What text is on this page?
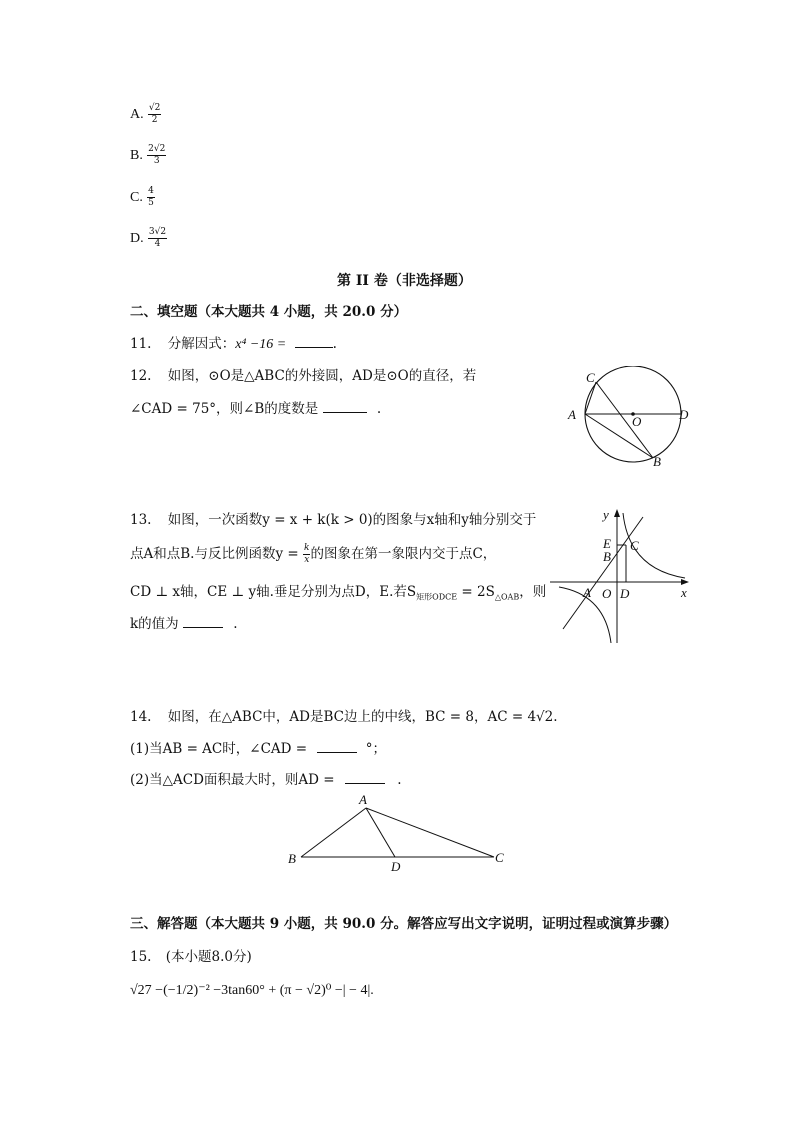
A. $\frac{√2}{2}$
B. $\frac{2√2}{3}$
C. $\frac{4}{5}$
D. $\frac{3√2}{4}$
第 II 卷（非选择题）
二、填空题（本大题共 4 小题，共 20.0 分）
11. 分解因式：x⁴ −16 =	.
12. 如图，⊙O是△ABC的外接圆，AD是⊙O的直径，若
∠CAD = 75°，则∠B的度数是	.	A
C
O	D
B
13. 如图，一次函数y = x + k(k > 0)的图象与x轴和y轴分别交于
点A和点B.与反比例函数$y = \frac{k}{x}$ 的图象在第一象限内交于点C，
CD ⊥ x轴，CE ⊥ y轴.垂足分别为点D，E.若$S_{矩形ODCE} = 2S_{\triangle OAB}$，则
k的值为	.
y
x
E
B
C
A O D
14. 如图，在△ABC中，AD是BC边上的中线，BC = 8，AC = 4√2.
(1)当AB = AC时，∠CAD =	°；
(2)当△ACD面积最大时，则AD =	.
A
B
D
C
三、解答题（本大题共 9 小题，共 90.0 分。解答应写出文字说明，证明过程或演算步骤）
15. (本小题8.0分)
√27 −(−1/2)⁻² −3tan60° + (π − √2)⁰ −| − 4|.
